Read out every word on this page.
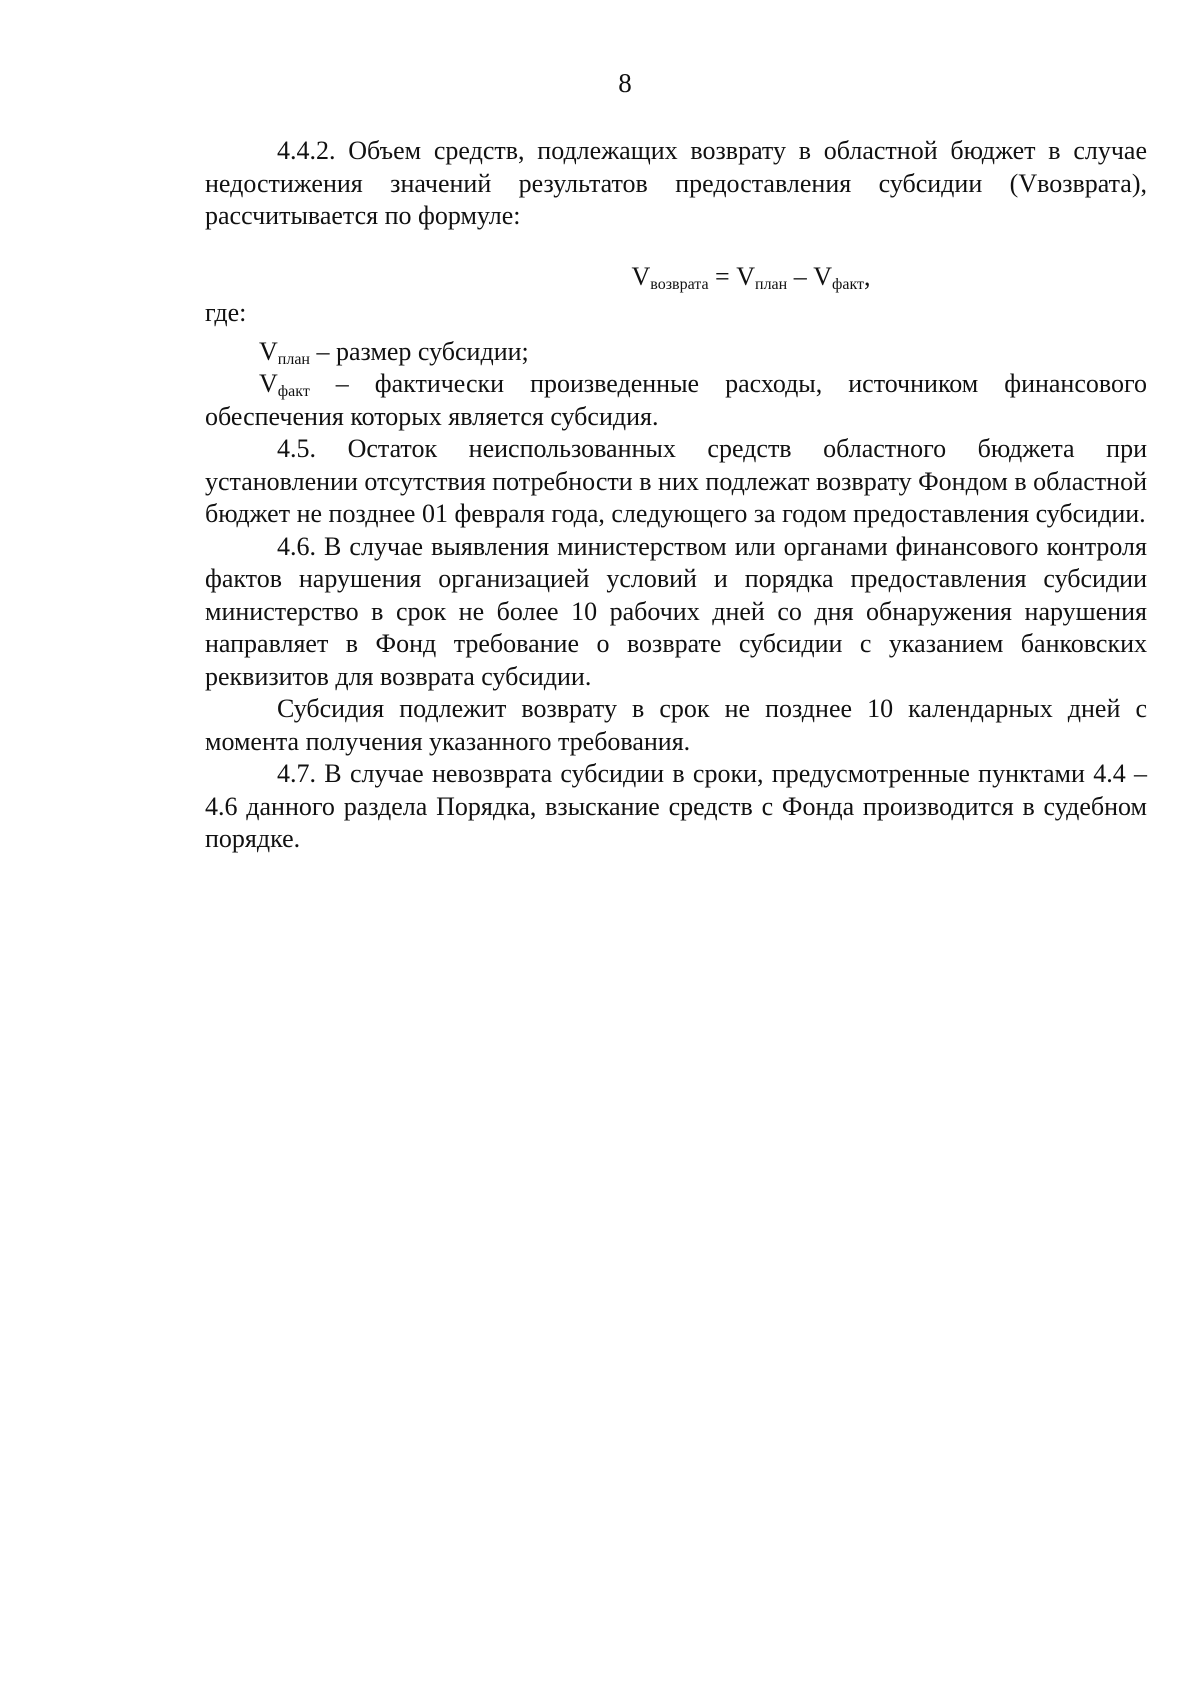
8

4.4.2. Объем средств, подлежащих возврату в областной бюджет в случае недостижения значений результатов предоставления субсидии (Vвозврата), рассчитывается по формуле:

$V_{возврата} = V_{план} - V_{факт}$,

где:

$V_{план}$ – размер субсидии;

$V_{факт}$ – фактически произведенные расходы, источником финансового обеспечения которых является субсидия.

4.5. Остаток неиспользованных средств областного бюджета при установлении отсутствия потребности в них подлежат возврату Фондом в областной бюджет не позднее 01 февраля года, следующего за годом предоставления субсидии.

4.6. В случае выявления министерством или органами финансового контроля фактов нарушения организацией условий и порядка предоставления субсидии министерство в срок не более 10 рабочих дней со дня обнаружения нарушения направляет в Фонд требование о возврате субсидии с указанием банковских реквизитов для возврата субсидии.

Субсидия подлежит возврату в срок не позднее 10 календарных дней с момента получения указанного требования.

4.7. В случае невозврата субсидии в сроки, предусмотренные пунктами 4.4 – 4.6 данного раздела Порядка, взыскание средств с Фонда производится в судебном порядке.
